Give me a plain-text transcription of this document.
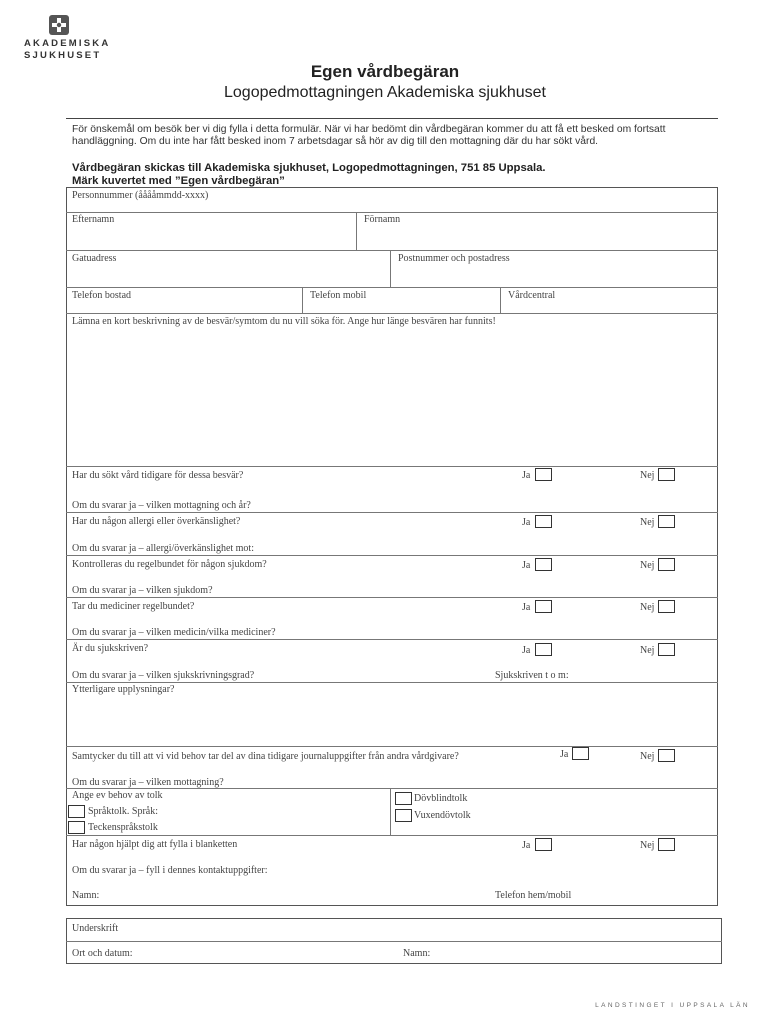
AKADEMISKA
SJUKHUSET
Egen vårdbegäran
Logopedmottagningen Akademiska sjukhuset
För önskemål om besök ber vi dig fylla i detta formulär. När vi har bedömt din vårdbegäran kommer du att få ett besked om fortsatt handläggning. Om du inte har fått besked inom 7 arbetsdagar så hör av dig till den mottagning där du har sökt vård.
Vårdbegäran skickas till Akademiska sjukhuset, Logopedmottagningen, 751 85 Uppsala.
Märk kuvertet med ”Egen vårdbegäran”
Personnummer (ååååmmdd-xxxx)
Efternamn	Förnamn
Gatuadress	Postnummer och postadress
Telefon bostad	Telefon mobil	Vårdcentral
Lämna en kort beskrivning av de besvär/symtom du nu vill söka för. Ange hur länge besvären har funnits!
Har du sökt vård tidigare för dessa besvär?	Ja	Nej
Om du svarar ja – vilken mottagning och år?
Har du någon allergi eller överkänslighet?	Ja	Nej
Om du svarar ja – allergi/överkänslighet mot:
Kontrolleras du regelbundet för någon sjukdom?	Ja	Nej
Om du svarar ja – vilken sjukdom?
Tar du mediciner regelbundet?	Ja	Nej
Om du svarar ja – vilken medicin/vilka mediciner?
Är du sjukskriven?	Ja	Nej
Om du svarar ja – vilken sjukskrivningsgrad?	Sjukskriven t o m:
Ytterligare upplysningar?
Samtycker du till att vi vid behov tar del av dina tidigare journaluppgifter från andra vårdgivare?	Ja	Nej
Om du svarar ja – vilken mottagning?
Ange ev behov av tolk
Språktolk. Språk:
Teckenspråkstolk
Dövblindtolk
Vuxendövtolk
Har någon hjälpt dig att fylla i blanketten	Ja	Nej
Om du svarar ja – fyll i dennes kontaktuppgifter:
Namn:	Telefon hem/mobil
Underskrift
Ort och datum:	Namn:
LANDSTINGET I UPPSALA LÄN
